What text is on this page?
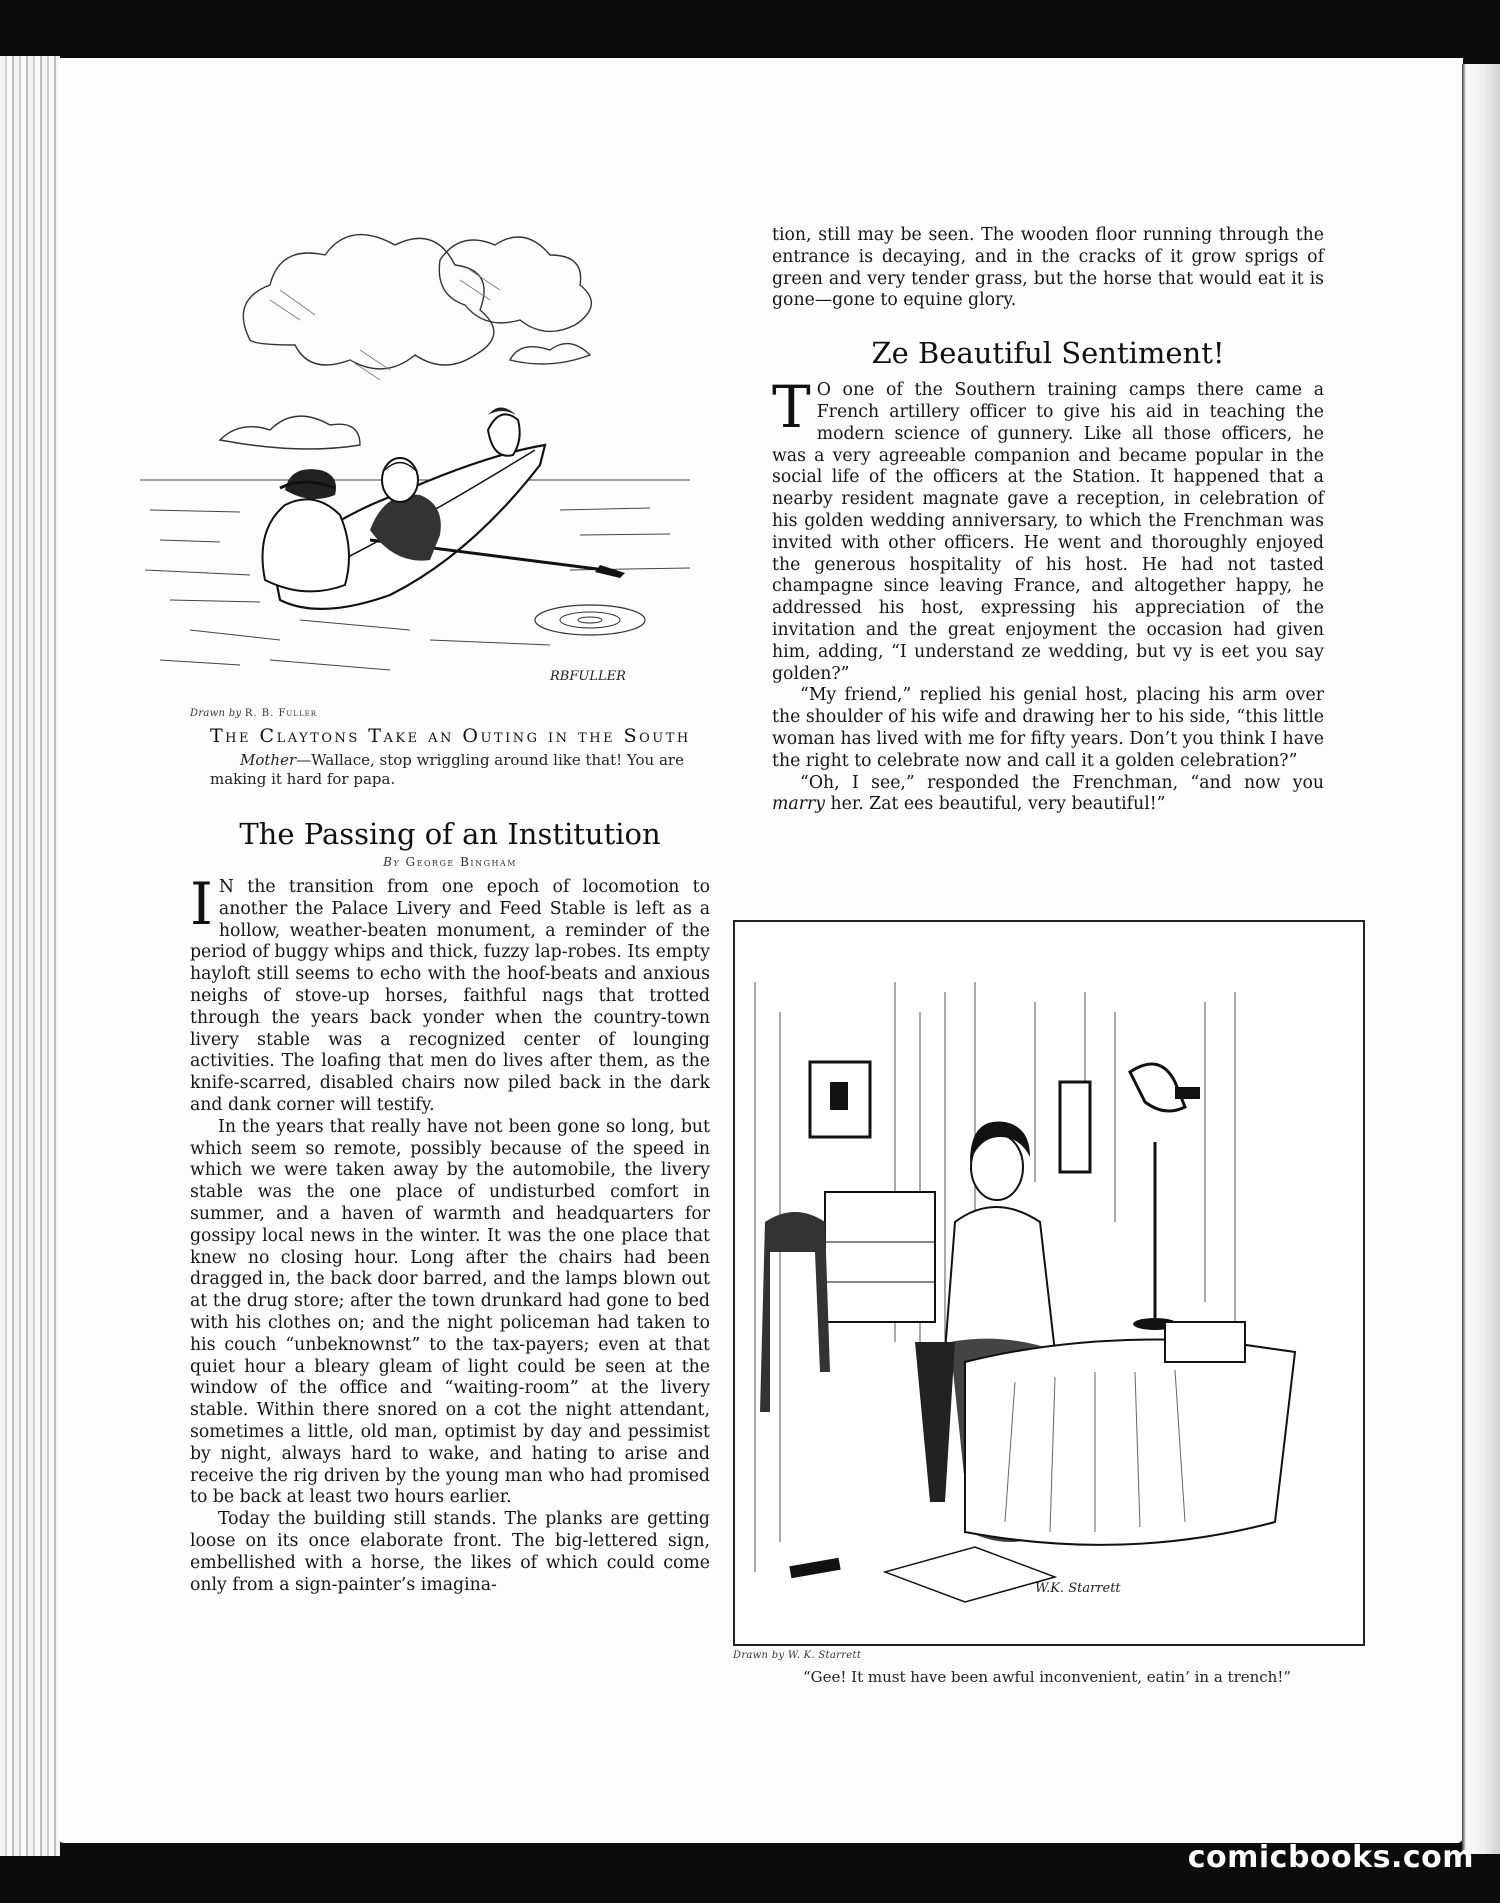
RBFULLER
Drawn by R. B. Fuller
The Claytons Take an Outing in the South
Mother—Wallace, stop wriggling around like that! You are making it hard for papa.
The Passing of an Institution
By George Bingham

I N the transition from one epoch of locomotion to another the Palace Livery and Feed Stable is left as a hollow, weather-beaten monument, a reminder of the period of buggy whips and thick, fuzzy lap-robes. Its empty hayloft still seems to echo with the hoof-beats and anxious neighs of stove-up horses, faithful nags that trotted through the years back yonder when the country-town livery stable was a recognized center of lounging activities. The loafing that men do lives after them, as the knife-scarred, disabled chairs now piled back in the dark and dank corner will testify.

In the years that really have not been gone so long, but which seem so remote, possibly because of the speed in which we were taken away by the automobile, the livery stable was the one place of undisturbed comfort in summer, and a haven of warmth and headquarters for gossipy local news in the winter. It was the one place that knew no closing hour. Long after the chairs had been dragged in, the back door barred, and the lamps blown out at the drug store; after the town drunkard had gone to bed with his clothes on; and the night policeman had taken to his couch “unbeknownst” to the tax-payers; even at that quiet hour a bleary gleam of light could be seen at the window of the office and “waiting-room” at the livery stable. Within there snored on a cot the night attendant, sometimes a little, old man, optimist by day and pessimist by night, always hard to wake, and hating to arise and receive the rig driven by the young man who had promised to be back at least two hours earlier.

Today the building still stands. The planks are getting loose on its once elaborate front. The big-lettered sign, embellished with a horse, the likes of which could come only from a sign-painter’s imagina-

tion, still may be seen. The wooden floor running through the entrance is decaying, and in the cracks of it grow sprigs of green and very tender grass, but the horse that would eat it is gone—gone to equine glory.

Ze Beautiful Sentiment!

T O one of the Southern training camps there came a French artillery officer to give his aid in teaching the modern science of gunnery. Like all those officers, he was a very agreeable companion and became popular in the social life of the officers at the Station. It happened that a nearby resident magnate gave a reception, in celebration of his golden wedding anniversary, to which the Frenchman was invited with other officers. He went and thoroughly enjoyed the generous hospitality of his host. He had not tasted champagne since leaving France, and altogether happy, he addressed his host, expressing his appreciation of the invitation and the great enjoyment the occasion had given him, adding, “I understand ze wedding, but vy is eet you say golden?”

“My friend,” replied his genial host, placing his arm over the shoulder of his wife and drawing her to his side, “this little woman has lived with me for fifty years. Don’t you think I have the right to celebrate now and call it a golden celebration?”

“Oh, I see,” responded the Frenchman, “and now you marry her. Zat ees beautiful, very beautiful!”

W.K. Starrett
Drawn by W. K. Starrett
“Gee! It must have been awful inconvenient, eatin’ in a trench!”
comicbooks.com
